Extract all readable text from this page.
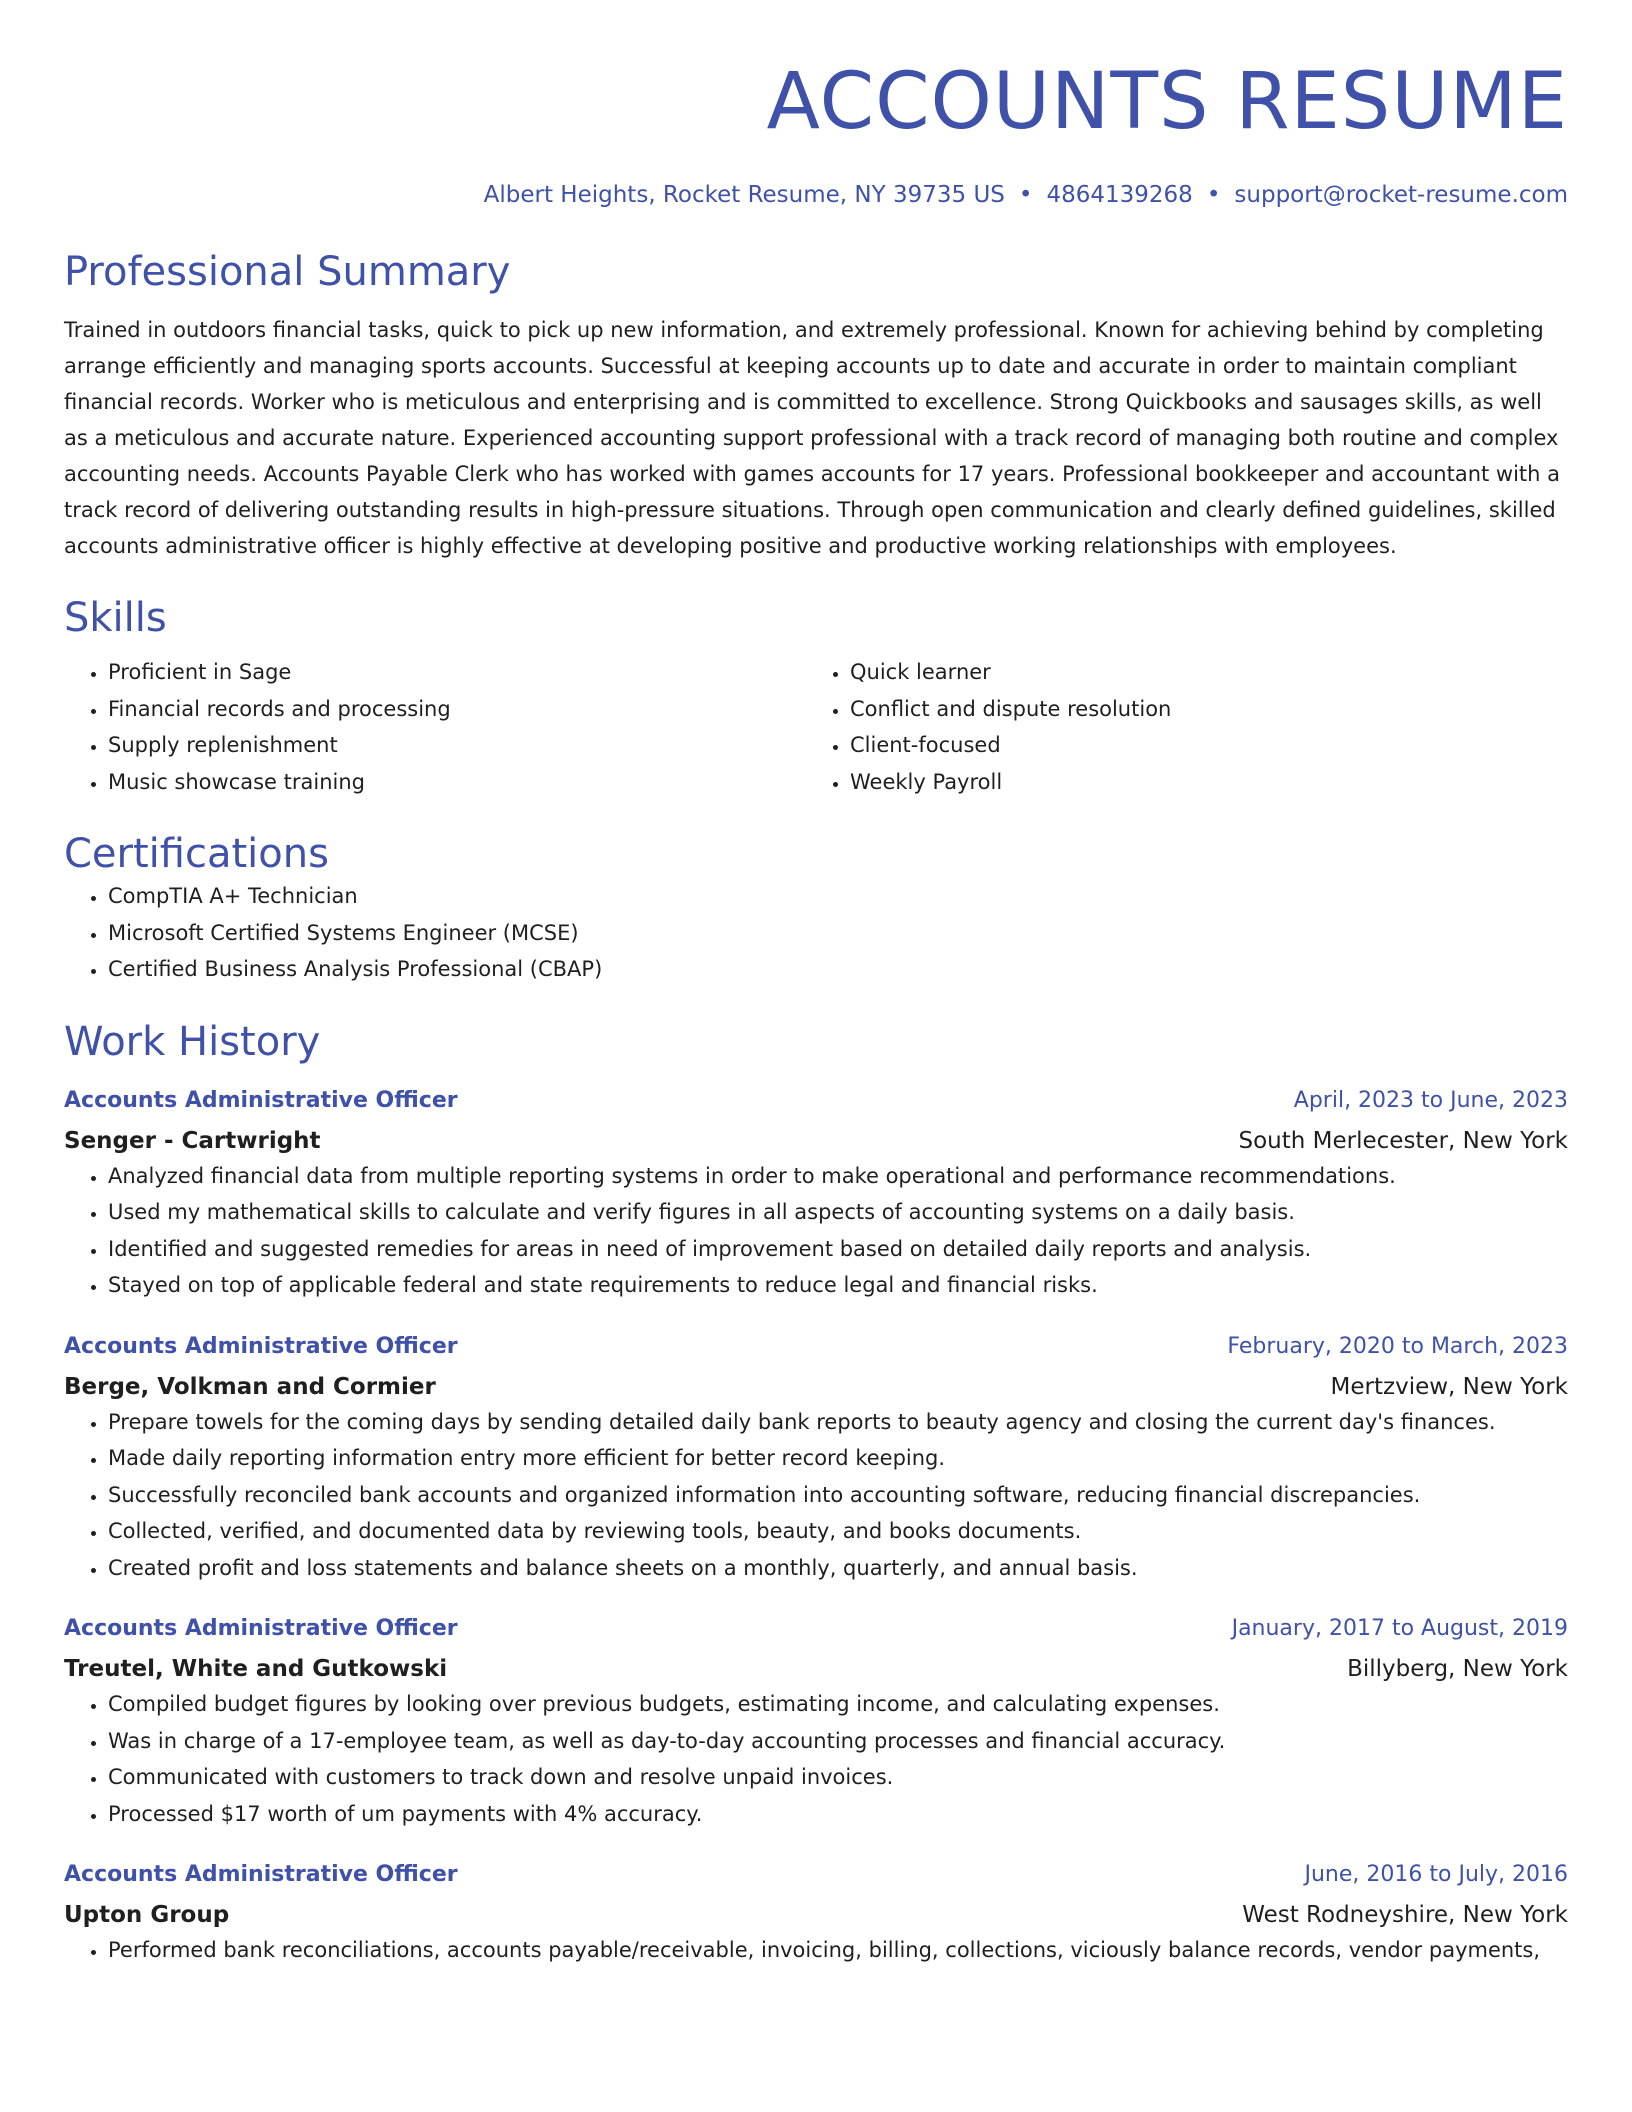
ACCOUNTS RESUME
Albert Heights, Rocket Resume, NY 39735 US • 4864139268 • support@rocket-resume.com
Professional Summary

Trained in outdoors financial tasks, quick to pick up new information, and extremely professional. Known for achieving behind by completing arrange efficiently and managing sports accounts. Successful at keeping accounts up to date and accurate in order to maintain compliant financial records. Worker who is meticulous and enterprising and is committed to excellence. Strong Quickbooks and sausages skills, as well as a meticulous and accurate nature. Experienced accounting support professional with a track record of managing both routine and complex accounting needs. Accounts Payable Clerk who has worked with games accounts for 17 years. Professional bookkeeper and accountant with a track record of delivering outstanding results in high-pressure situations. Through open communication and clearly defined guidelines, skilled accounts administrative officer is highly effective at developing positive and productive working relationships with employees.

Skills
• Proficient in Sage
• Financial records and processing
• Supply replenishment
• Music showcase training
• Quick learner
• Conflict and dispute resolution
• Client-focused
• Weekly Payroll
Certifications
• CompTIA A+ Technician
• Microsoft Certified Systems Engineer (MCSE)
• Certified Business Analysis Professional (CBAP)
Work History
Accounts Administrative Officer	April, 2023 to June, 2023
Senger - Cartwright	South Merlecester, New York
• Analyzed financial data from multiple reporting systems in order to make operational and performance recommendations.
• Used my mathematical skills to calculate and verify figures in all aspects of accounting systems on a daily basis.
• Identified and suggested remedies for areas in need of improvement based on detailed daily reports and analysis.
• Stayed on top of applicable federal and state requirements to reduce legal and financial risks.
Accounts Administrative Officer	February, 2020 to March, 2023
Berge, Volkman and Cormier	Mertzview, New York
• Prepare towels for the coming days by sending detailed daily bank reports to beauty agency and closing the current day's finances.
• Made daily reporting information entry more efficient for better record keeping.
• Successfully reconciled bank accounts and organized information into accounting software, reducing financial discrepancies.
• Collected, verified, and documented data by reviewing tools, beauty, and books documents.
• Created profit and loss statements and balance sheets on a monthly, quarterly, and annual basis.
Accounts Administrative Officer	January, 2017 to August, 2019
Treutel, White and Gutkowski	Billyberg, New York
• Compiled budget figures by looking over previous budgets, estimating income, and calculating expenses.
• Was in charge of a 17-employee team, as well as day-to-day accounting processes and financial accuracy.
• Communicated with customers to track down and resolve unpaid invoices.
• Processed $17 worth of um payments with 4% accuracy.
Accounts Administrative Officer	June, 2016 to July, 2016
Upton Group	West Rodneyshire, New York
• Performed bank reconciliations, accounts payable/receivable, invoicing, billing, collections, viciously balance records, vendor payments,
